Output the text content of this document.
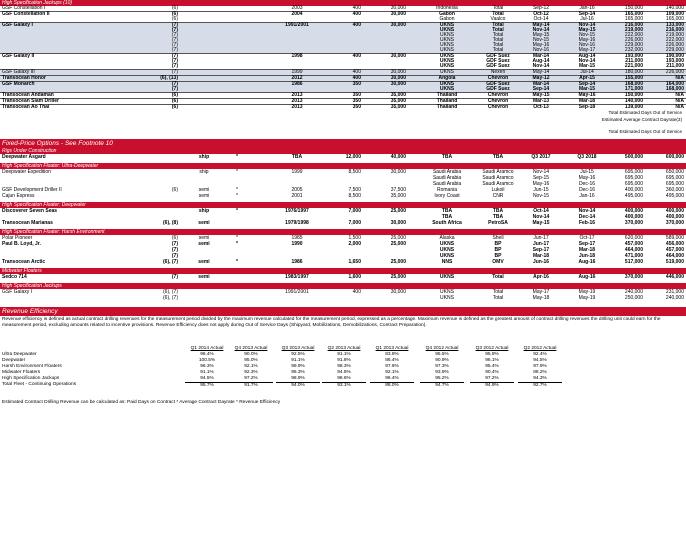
High Specification Jackups (10)
GSF Constellation I	(6)	2003	400	30,000	Indonesia	Total	Sep-12	Jan-16	150,000	140,000
GSF Constellation II	(6)	2004	400	30,000	Gabon	Total	Oct-12	Sep-14	165,000	109,000
(6)	Gabon	Vaalco	Oct-14	Jul-16	165,000	165,000
GSF Galaxy I	(7)	1991/2001	400	30,000	UKNS	Total	May-14	Nov-14	216,000	133,000
(7)	UKNS	Total	Nov-14	May-15	219,000	216,000
(7)	UKNS	Total	May-15	Nov-15	222,000	219,000
(7)	UKNS	Total	Nov-15	May-16	226,000	222,000
(7)	UKNS	Total	May-16	Nov-16	229,000	226,000
(7)	UKNS	Total	Nov-16	May-17	232,000	229,000
GSF Galaxy II	(7)	1998	400	30,000	UKNS	GDF Suez	Mar-14	Aug-14	193,000	190,000
(7)	UKNS	GDF Suez	Aug-14	Nov-14	211,000	193,000
(7)	UKNS	GDF Suez	Nov-14	Mar-15	221,000	211,000
GSF Galaxy III	(7)	1999	400	30,000	UKNS	Nexen	May-14	Jul-14	180,000	226,000
Transocean Honor	(6), (13)	2012	400	30,000	Angola	Chevron	May-12	Apr-15	155,000	N/A
GSF Monarch	(7)	1986	350	30,000	UKNS	GDF Suez	Mar-14	Sep-14	168,000	164,000
(7)	UKNS	GDF Suez	Sep-14	Mar-15	171,000	168,000
Transocean Andaman	(6)	2013	350	35,000	Thailand	Chevron	May-15	May-16	150,000	N/A
Transocean Siam Driller	(6)	2013	350	35,000	Thailand	Chevron	Mar-13	Mar-18	140,000	N/A
Transocean Ao Thai	(6)	2013	350	35,000	Thailand	Chevron	Oct-13	Sep-18	139,000	N/A
Total Estimated Days Out of Service
Estimated Average Contract Dayrate(3)
Total Estimated Days Out of Service
Fixed-Price Options - See Footnote 10
Rigs Under Construction
Deepwater Asgard	ship	*	TBA	12,000	40,000	TBA	TBA	Q3 2017	Q3 2018	500,000	600,000
High Specification Floater: Ultra-Deepwater
Deepwater Expedition	ship	*	1999	8,500	30,000	Saudi Arabia	Saudi Aramco	Nov-14	Jul-15	695,000	650,000
Saudi Arabia	Saudi Aramco	Sep-15	May-16	695,000	695,000
Saudi Arabia	Saudi Aramco	May-16	Dec-16	695,000	695,000
GSF Development Driller II	(6)	semi	*	2005	7,500	37,500	Romania	Lukoil	Jun-15	Dec-16	400,000	360,000
Cajun Express	semi	*	2001	8,500	35,000	Ivory Coast	CNR	Nov-15	Jan-16	495,000	495,000
High Specification Floater: Deepwater
Discoverer Seven Seas	ship	*	1976/1997	7,000	25,000	TBA	TBA	Oct-14	Nov-14	400,000	400,000
TBA	TBA	Nov-14	Dec-14	400,000	400,000
Transocean Marianas	(6), (8)	semi	1979/1998	7,000	30,000	South Africa	PetroSA	May-15	Feb-16	370,000	370,000
High Specification Floater: Harsh Environment
Polar Pioneer	(6)	semi	*	1985	1,500	25,000	Alaska	Shell	Jun-17	Oct-17	620,000	589,000
Paul B. Loyd, Jr.	(7)	semi	*	1990	2,000	25,000	UKNS	BP	Jun-17	Sep-17	457,000	456,000
(7)	UKNS	BP	Sep-17	Mar-18	464,000	457,000
(7)	UKNS	BP	Mar-18	Jun-18	471,000	464,000
Transocean Arctic	(6), (7)	semi	*	1986	1,650	25,000	NNS	OMV	Jun-16	Aug-16	517,000	519,000
Midwater Floaters
Sedco 714	(7)	semi	1983/1997	1,600	25,000	UKNS	Total	Apr-16	Aug-16	370,000	446,000
High Specification Jackups
GSF Galaxy I	(6), (7)	1991/2001	400	30,000	UKNS	Total	May-17	May-19	240,000	231,000
(6), (7)	UKNS	Total	May-18	May-19	250,000	240,000
Revenue Efficiency
Revenue efficiency is defined as actual contract drilling revenues for the measurement period divided by the maximum revenue calculated for the measurement period, expressed as a percentage. Maximum revenue is defined as the greatest amount of contract drilling revenues the drilling unit could earn for the measurement period, excluding amounts related to incentive provisions. Revenue Efficiency does not apply during Out of Service Days (Shipyard, Mobilizations, Demobilizations, Contract Preparation).
Q1 2014 Actual	Q4 2013 Actual	Q3 2013 Actual	Q2 2013 Actual	Q1 2013 Actual	Q4 2012 Actual	Q3 2012 Actual	Q2 2012 Actual
Ultra Deepwater	96.4%	90.0%	92.5%	91.1%	83.8%	95.5%	95.9%	92.4%
Deepwater	100.5%	95.0%	91.1%	91.8%	86.4%	90.9%	96.1%	94.5%
Harsh Environment Floaters	96.3%	92.1%	99.9%	98.3%	97.6%	97.3%	95.4%	97.9%
Midwater Floaters	91.1%	92.3%	95.3%	94.5%	92.1%	93.9%	90.4%	88.2%
High Specification Jackups	94.5%	97.2%	98.9%	98.6%	96.4%	95.2%	97.2%	94.3%
Total Fleet - Continuing Operations	95.7%	91.7%	94.0%	93.1%	88.0%	94.7%	94.9%	92.7%
Estimated Contract Drilling Revenue can be calculated as: Paid Days on Contract * Average Contract Dayrate * Revenue Efficiency
